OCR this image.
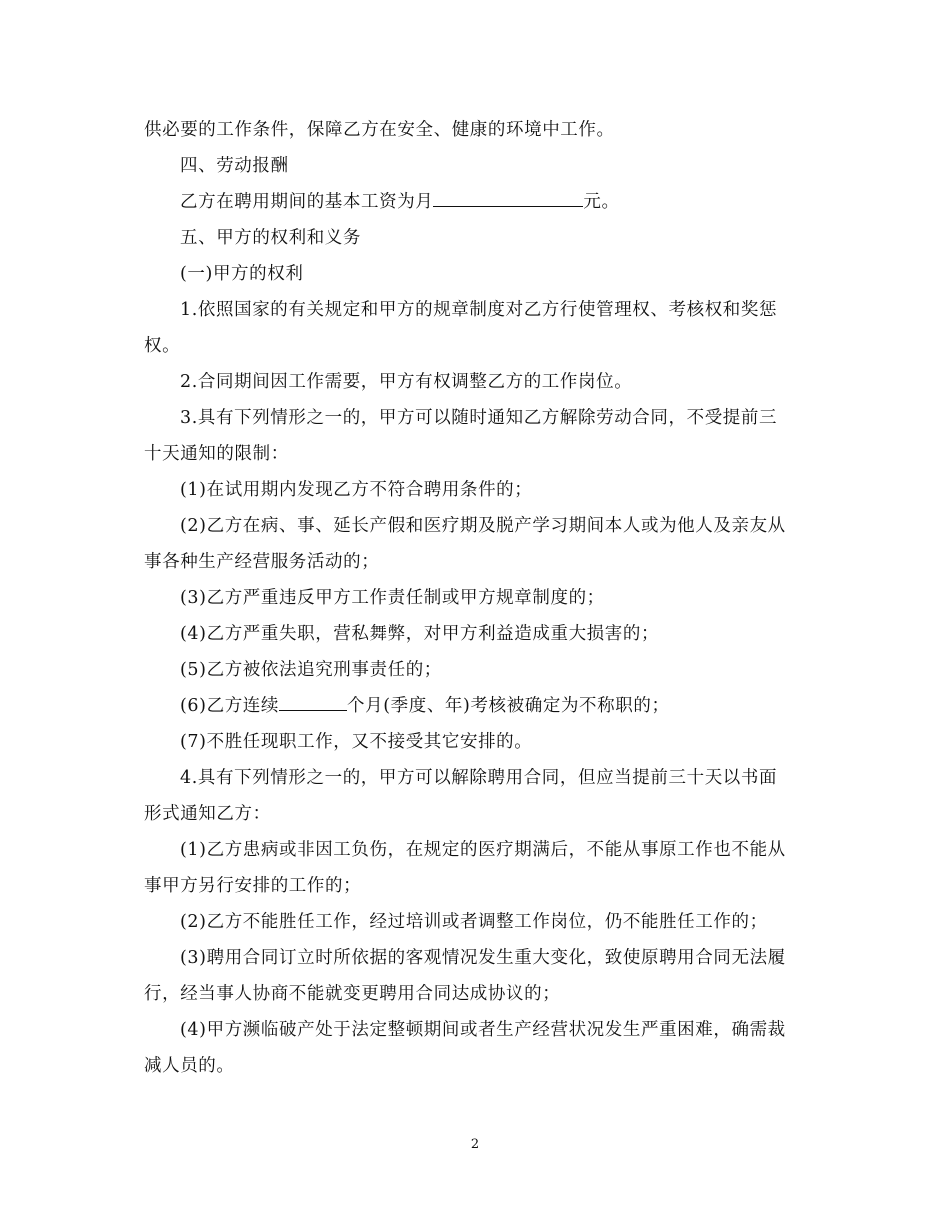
供必要的工作条件，保障乙方在安全、健康的环境中工作。
四、劳动报酬
乙方在聘用期间的基本工资为月	元。
五、甲方的权利和义务
(一)甲方的权利
1.依照国家的有关规定和甲方的规章制度对乙方行使管理权、考核权和奖惩
权。
2.合同期间因工作需要，甲方有权调整乙方的工作岗位。
3.具有下列情形之一的，甲方可以随时通知乙方解除劳动合同，不受提前三
十天通知的限制：
(1)在试用期内发现乙方不符合聘用条件的；
(2)乙方在病、事、延长产假和医疗期及脱产学习期间本人或为他人及亲友从
事各种生产经营服务活动的；
(3)乙方严重违反甲方工作责任制或甲方规章制度的；
(4)乙方严重失职，营私舞弊，对甲方利益造成重大损害的；
(5)乙方被依法追究刑事责任的；
(6)乙方连续	个月(季度、年)考核被确定为不称职的；
(7)不胜任现职工作，又不接受其它安排的。
4.具有下列情形之一的，甲方可以解除聘用合同，但应当提前三十天以书面
形式通知乙方：
(1)乙方患病或非因工负伤，在规定的医疗期满后，不能从事原工作也不能从
事甲方另行安排的工作的；
(2)乙方不能胜任工作，经过培训或者调整工作岗位，仍不能胜任工作的；
(3)聘用合同订立时所依据的客观情况发生重大变化，致使原聘用合同无法履
行，经当事人协商不能就变更聘用合同达成协议的；
(4)甲方濒临破产处于法定整顿期间或者生产经营状况发生严重困难，确需裁
减人员的。
2
